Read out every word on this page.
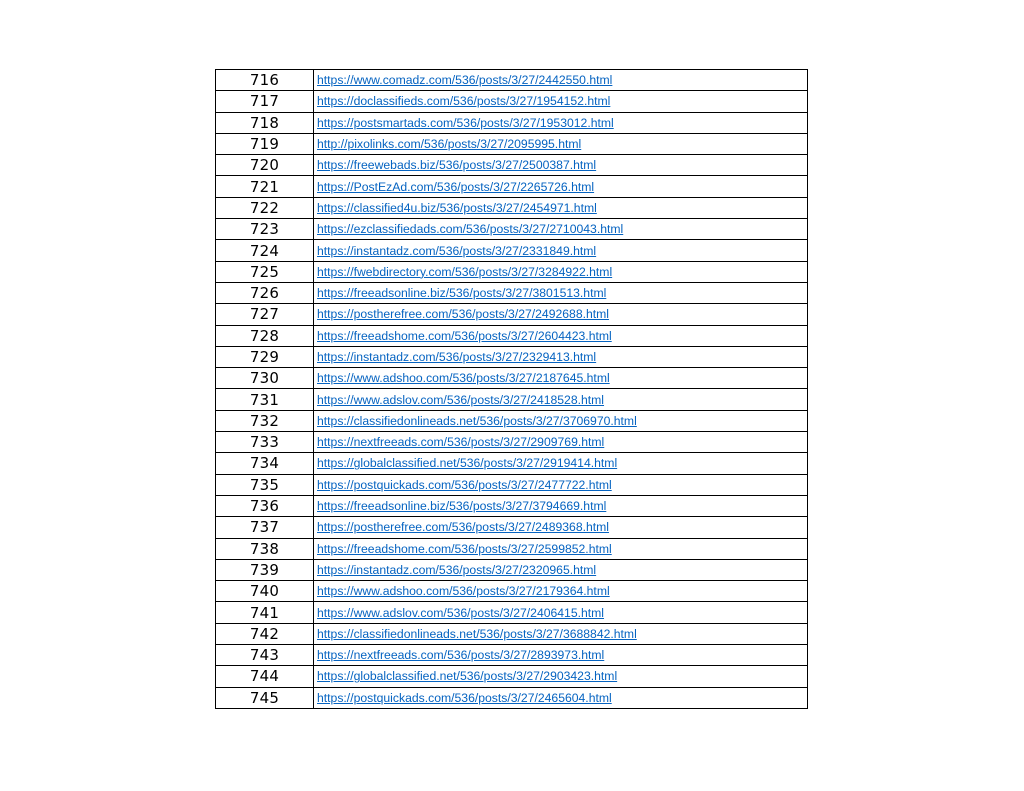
716	https://www.comadz.com/536/posts/3/27/2442550.html
717	https://doclassifieds.com/536/posts/3/27/1954152.html
718	https://postsmartads.com/536/posts/3/27/1953012.html
719	http://pixolinks.com/536/posts/3/27/2095995.html
720	https://freewebads.biz/536/posts/3/27/2500387.html
721	https://PostEzAd.com/536/posts/3/27/2265726.html
722	https://classified4u.biz/536/posts/3/27/2454971.html
723	https://ezclassifiedads.com/536/posts/3/27/2710043.html
724	https://instantadz.com/536/posts/3/27/2331849.html
725	https://fwebdirectory.com/536/posts/3/27/3284922.html
726	https://freeadsonline.biz/536/posts/3/27/3801513.html
727	https://postherefree.com/536/posts/3/27/2492688.html
728	https://freeadshome.com/536/posts/3/27/2604423.html
729	https://instantadz.com/536/posts/3/27/2329413.html
730	https://www.adshoo.com/536/posts/3/27/2187645.html
731	https://www.adslov.com/536/posts/3/27/2418528.html
732	https://classifiedonlineads.net/536/posts/3/27/3706970.html
733	https://nextfreeads.com/536/posts/3/27/2909769.html
734	https://globalclassified.net/536/posts/3/27/2919414.html
735	https://postquickads.com/536/posts/3/27/2477722.html
736	https://freeadsonline.biz/536/posts/3/27/3794669.html
737	https://postherefree.com/536/posts/3/27/2489368.html
738	https://freeadshome.com/536/posts/3/27/2599852.html
739	https://instantadz.com/536/posts/3/27/2320965.html
740	https://www.adshoo.com/536/posts/3/27/2179364.html
741	https://www.adslov.com/536/posts/3/27/2406415.html
742	https://classifiedonlineads.net/536/posts/3/27/3688842.html
743	https://nextfreeads.com/536/posts/3/27/2893973.html
744	https://globalclassified.net/536/posts/3/27/2903423.html
745	https://postquickads.com/536/posts/3/27/2465604.html
